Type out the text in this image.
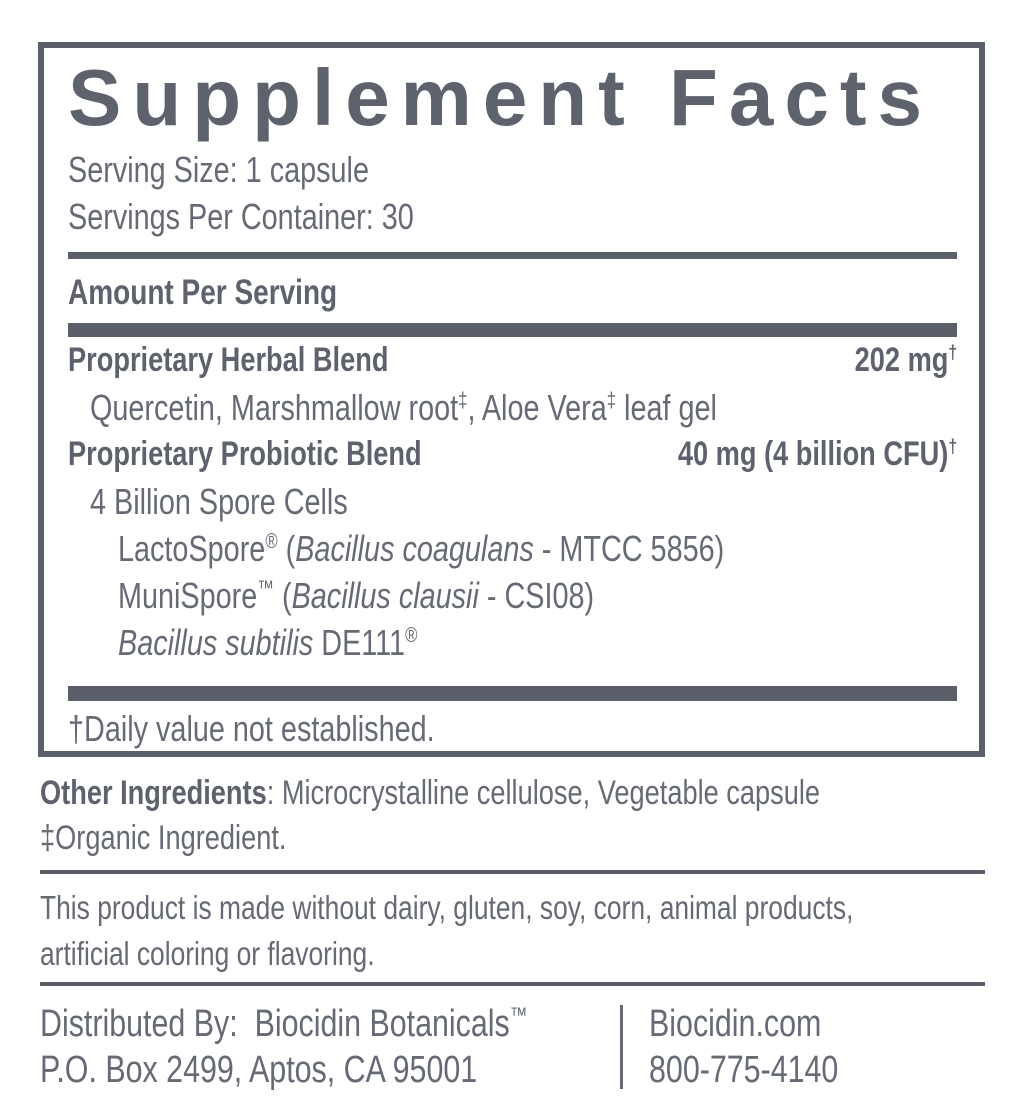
Supplement Facts
Serving Size: 1 capsule
Servings Per Container: 30
Amount Per Serving
Proprietary Herbal Blend	202 mg†
Quercetin, Marshmallow root‡, Aloe Vera‡ leaf gel
Proprietary Probiotic Blend	40 mg (4 billion CFU)†
4 Billion Spore Cells
LactoSpore® (Bacillus coagulans - MTCC 5856)
MuniSpore™ (Bacillus clausii - CSI08)
Bacillus subtilis DE111®
†Daily value not established.
Other Ingredients: Microcrystalline cellulose, Vegetable capsule
‡Organic Ingredient.
This product is made without dairy, gluten, soy, corn, animal products,
artificial coloring or flavoring.
Distributed By:  Biocidin Botanicals™
P.O. Box 2499, Aptos, CA 95001
Biocidin.com
800-775-4140
